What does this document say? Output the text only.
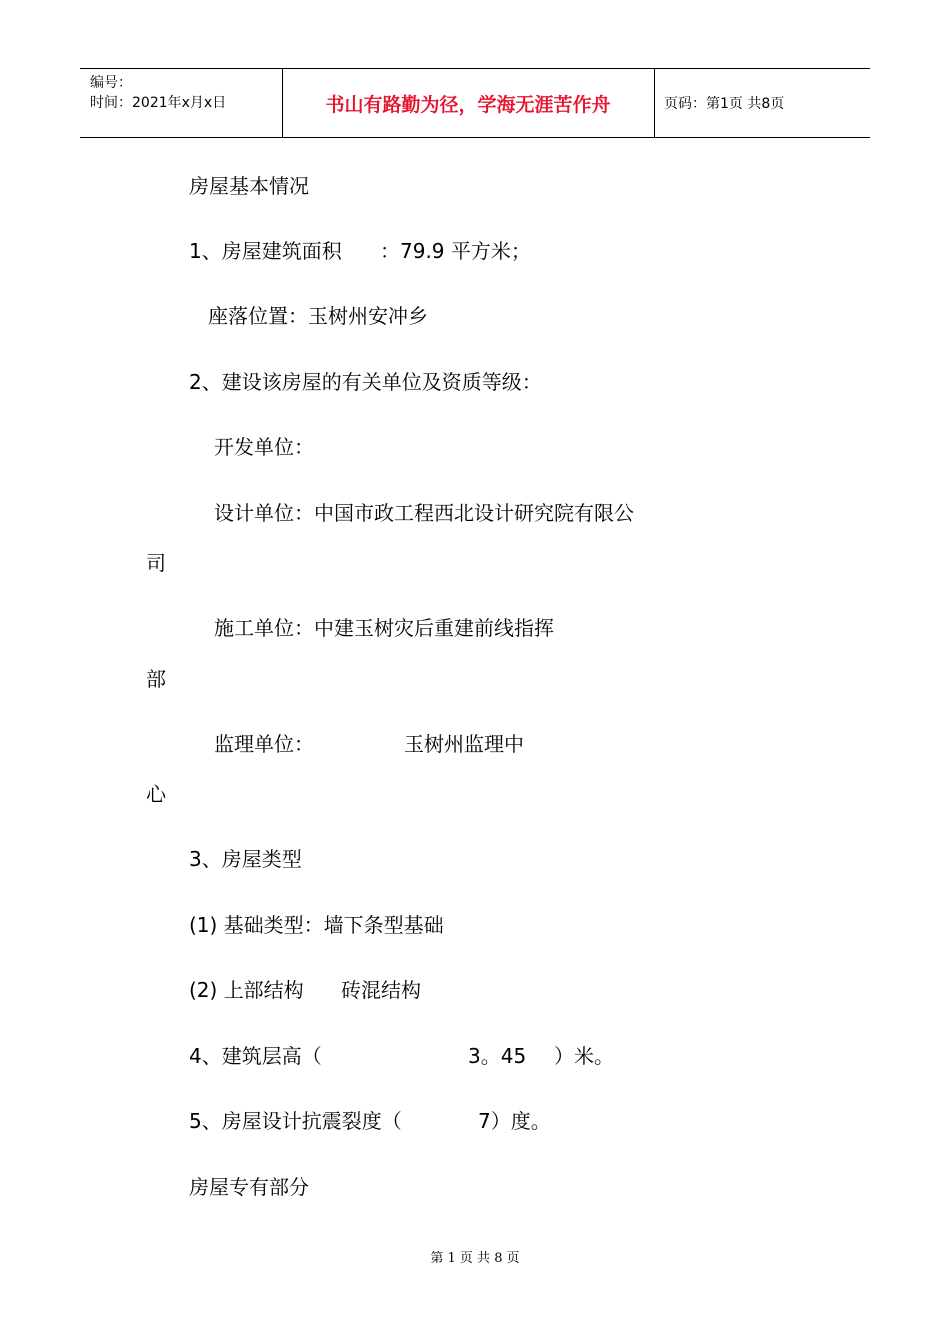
编号：
时间：2021年x月x日	书山有路勤为径，学海无涯苦作舟	页码：第1页 共8页
房屋基本情况
1、房屋建筑面积 ：79.9 平方米；
座落位置：玉树州安冲乡
2、建设该房屋的有关单位及资质等级：
开发单位：
设计单位：中国市政工程西北设计研究院有限公
司
施工单位：中建玉树灾后重建前线指挥
部
监理单位：	玉树州监理中
心
3、房屋类型
(1) 基础类型：墙下条型基础
(2) 上部结构 砖混结构
4、建筑层高（	3。45 ）米。
5、房屋设计抗震裂度（	7）度。
房屋专有部分
第 1 页 共 8 页
